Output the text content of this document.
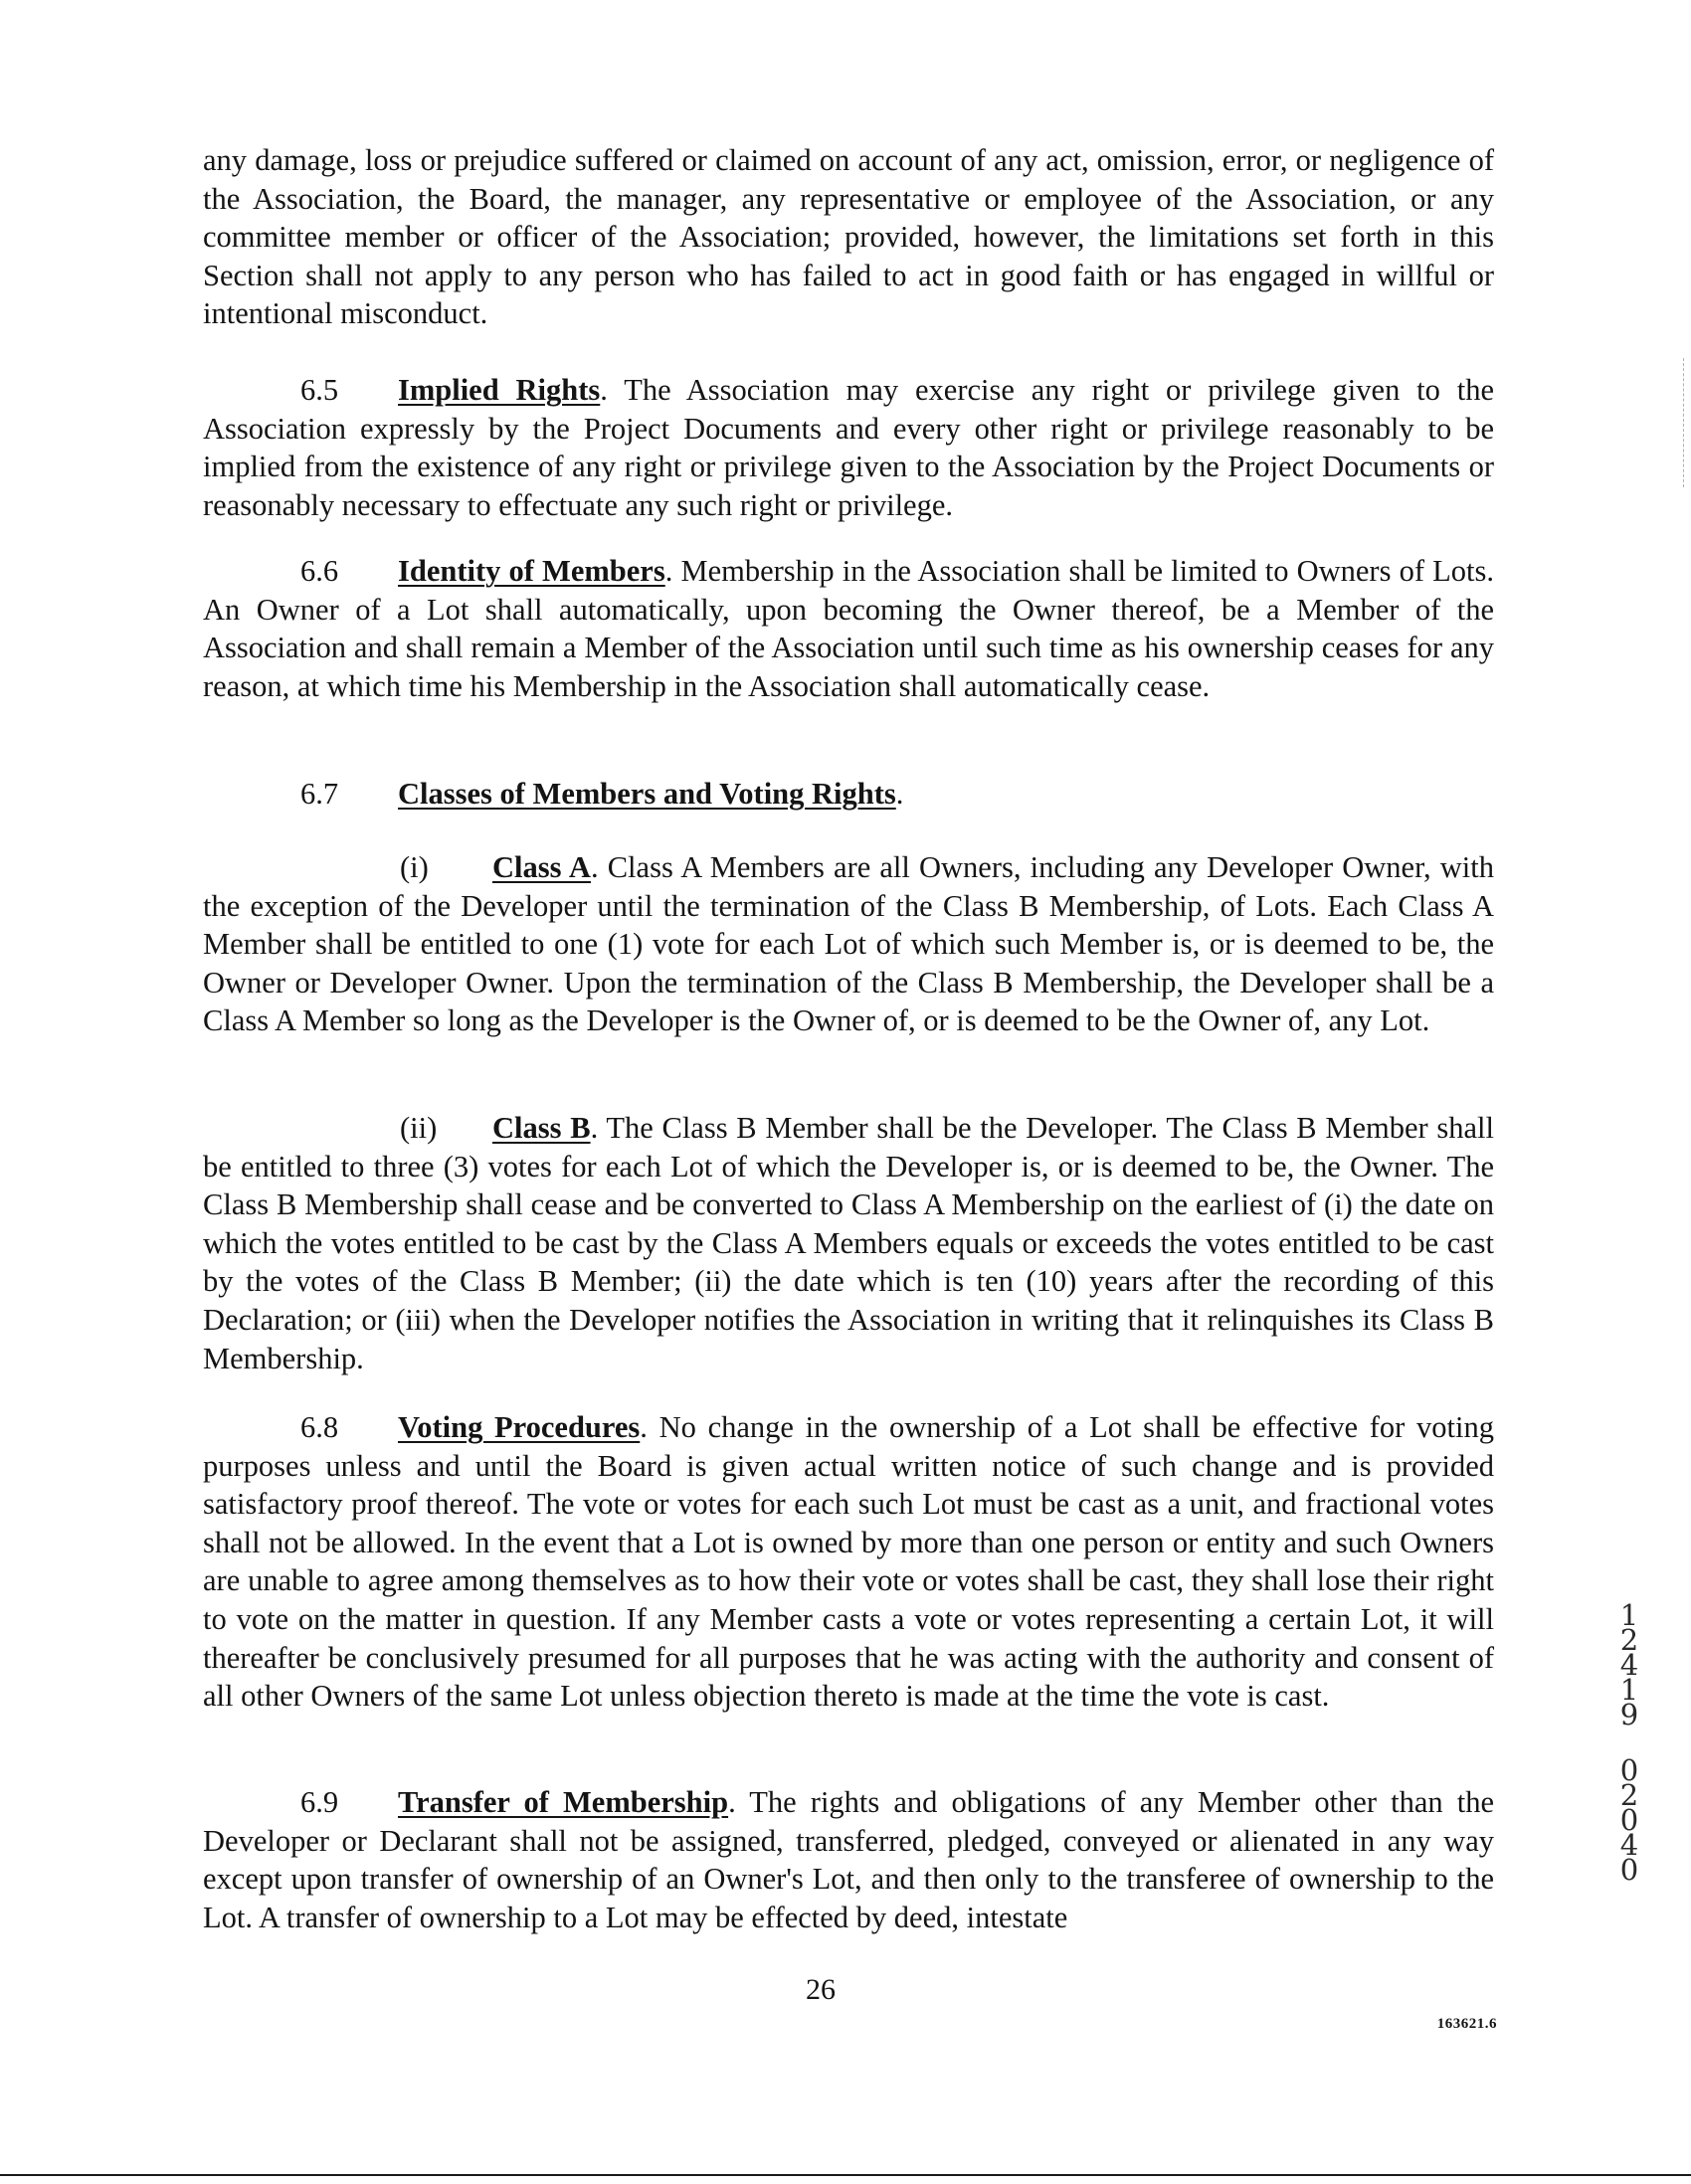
any damage, loss or prejudice suffered or claimed on account of any act, omission, error, or negligence of the Association, the Board, the manager, any representative or employee of the Association, or any committee member or officer of the Association; provided, however, the limitations set forth in this Section shall not apply to any person who has failed to act in good faith or has engaged in willful or intentional misconduct.

6.5 Implied Rights. The Association may exercise any right or privilege given to the Association expressly by the Project Documents and every other right or privilege reasonably to be implied from the existence of any right or privilege given to the Association by the Project Documents or reasonably necessary to effectuate any such right or privilege.

6.6 Identity of Members. Membership in the Association shall be limited to Owners of Lots. An Owner of a Lot shall automatically, upon becoming the Owner thereof, be a Member of the Association and shall remain a Member of the Association until such time as his ownership ceases for any reason, at which time his Membership in the Association shall automatically cease.

6.7 Classes of Members and Voting Rights.

(i) Class A. Class A Members are all Owners, including any Developer Owner, with the exception of the Developer until the termination of the Class B Membership, of Lots. Each Class A Member shall be entitled to one (1) vote for each Lot of which such Member is, or is deemed to be, the Owner or Developer Owner. Upon the termination of the Class B Membership, the Developer shall be a Class A Member so long as the Developer is the Owner of, or is deemed to be the Owner of, any Lot.

(ii) Class B. The Class B Member shall be the Developer. The Class B Member shall be entitled to three (3) votes for each Lot of which the Developer is, or is deemed to be, the Owner. The Class B Membership shall cease and be converted to Class A Membership on the earliest of (i) the date on which the votes entitled to be cast by the Class A Members equals or exceeds the votes entitled to be cast by the votes of the Class B Member; (ii) the date which is ten (10) years after the recording of this Declaration; or (iii) when the Developer notifies the Association in writing that it relinquishes its Class B Membership.

6.8 Voting Procedures. No change in the ownership of a Lot shall be effective for voting purposes unless and until the Board is given actual written notice of such change and is provided satisfactory proof thereof. The vote or votes for each such Lot must be cast as a unit, and fractional votes shall not be allowed. In the event that a Lot is owned by more than one person or entity and such Owners are unable to agree among themselves as to how their vote or votes shall be cast, they shall lose their right to vote on the matter in question. If any Member casts a vote or votes representing a certain Lot, it will thereafter be conclusively presumed for all purposes that he was acting with the authority and consent of all other Owners of the same Lot unless objection thereto is made at the time the vote is cast.

6.9 Transfer of Membership. The rights and obligations of any Member other than the Developer or Declarant shall not be assigned, transferred, pledged, conveyed or alienated in any way except upon transfer of ownership of an Owner's Lot, and then only to the transferee of ownership to the Lot. A transfer of ownership to a Lot may be effected by deed, intestate

26
163621.6
1
2
4
1
9
0
2
0
4
0
